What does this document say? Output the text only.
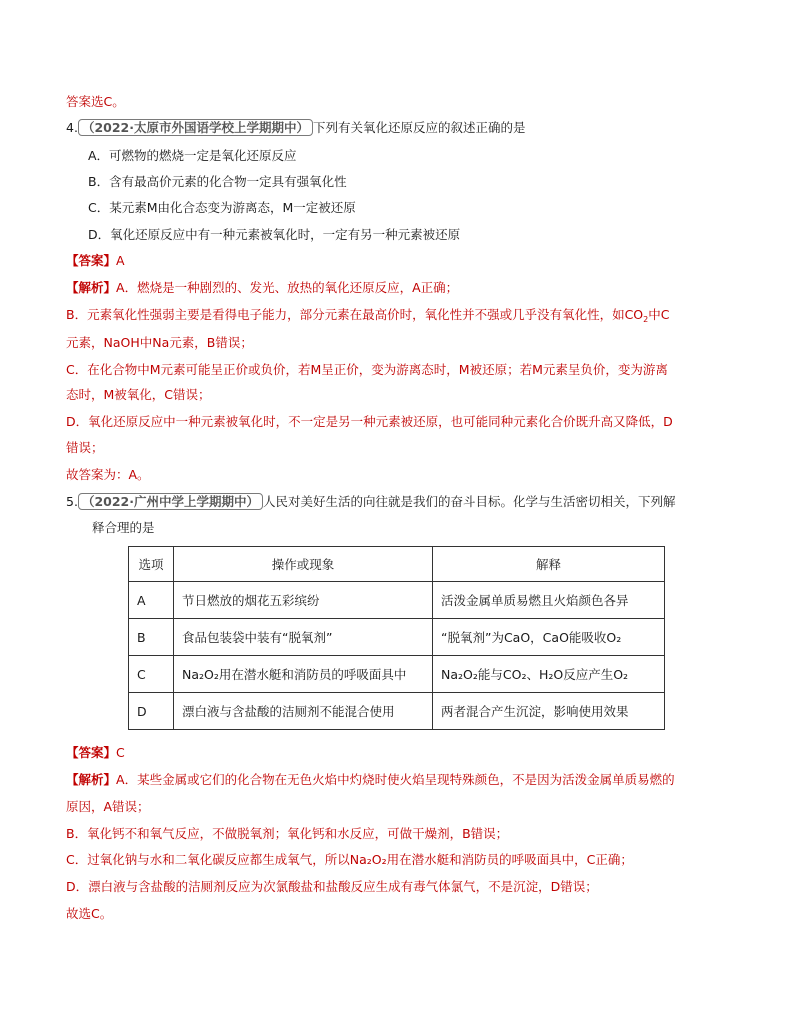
答案选C。
4. （2022·太原市外国语学校上学期期中） 下列有关氧化还原反应的叙述正确的是
A．可燃物的燃烧一定是氧化还原反应
B．含有最高价元素的化合物一定具有强氧化性
C．某元素M由化合态变为游离态，M一定被还原
D．氧化还原反应中有一种元素被氧化时，一定有另一种元素被还原
【答案】A
【解析】A．燃烧是一种剧烈的、发光、放热的氧化还原反应，A正确；
B．元素氧化性强弱主要是看得电子能力，部分元素在最高价时，氧化性并不强或几乎没有氧化性，如$CO_2$中C
元素，NaOH中Na元素，B错误；
C．在化合物中M元素可能呈正价或负价，若M呈正价，变为游离态时，M被还原；若M元素呈负价，变为游离
态时，M被氧化，C错误；
D．氧化还原反应中一种元素被氧化时，不一定是另一种元素被还原，也可能同种元素化合价既升高又降低，D
错误；
故答案为：A。
5. （2022·广州中学上学期期中） 人民对美好生活的向往就是我们的奋斗目标。化学与生活密切相关，下列解
释合理的是
选项	操作或现象	解释
A	节日燃放的烟花五彩缤纷	活泼金属单质易燃且火焰颜色各异
B	食品包装袋中装有“脱氧剂”	“脱氧剂”为CaO，CaO能吸收O₂
C	Na₂O₂用在潜水艇和消防员的呼吸面具中	Na₂O₂能与CO₂、H₂O反应产生O₂
D	漂白液与含盐酸的洁厕剂不能混合使用	两者混合产生沉淀，影响使用效果
【答案】C
【解析】A．某些金属或它们的化合物在无色火焰中灼烧时使火焰呈现特殊颜色，不是因为活泼金属单质易燃的
原因，A错误；
B．氧化钙不和氧气反应，不做脱氧剂；氧化钙和水反应，可做干燥剂，B错误；
C．过氧化钠与水和二氧化碳反应都生成氧气，所以Na₂O₂用在潜水艇和消防员的呼吸面具中，C正确；
D．漂白液与含盐酸的洁厕剂反应为次氯酸盐和盐酸反应生成有毒气体氯气，不是沉淀，D错误；
故选C。
